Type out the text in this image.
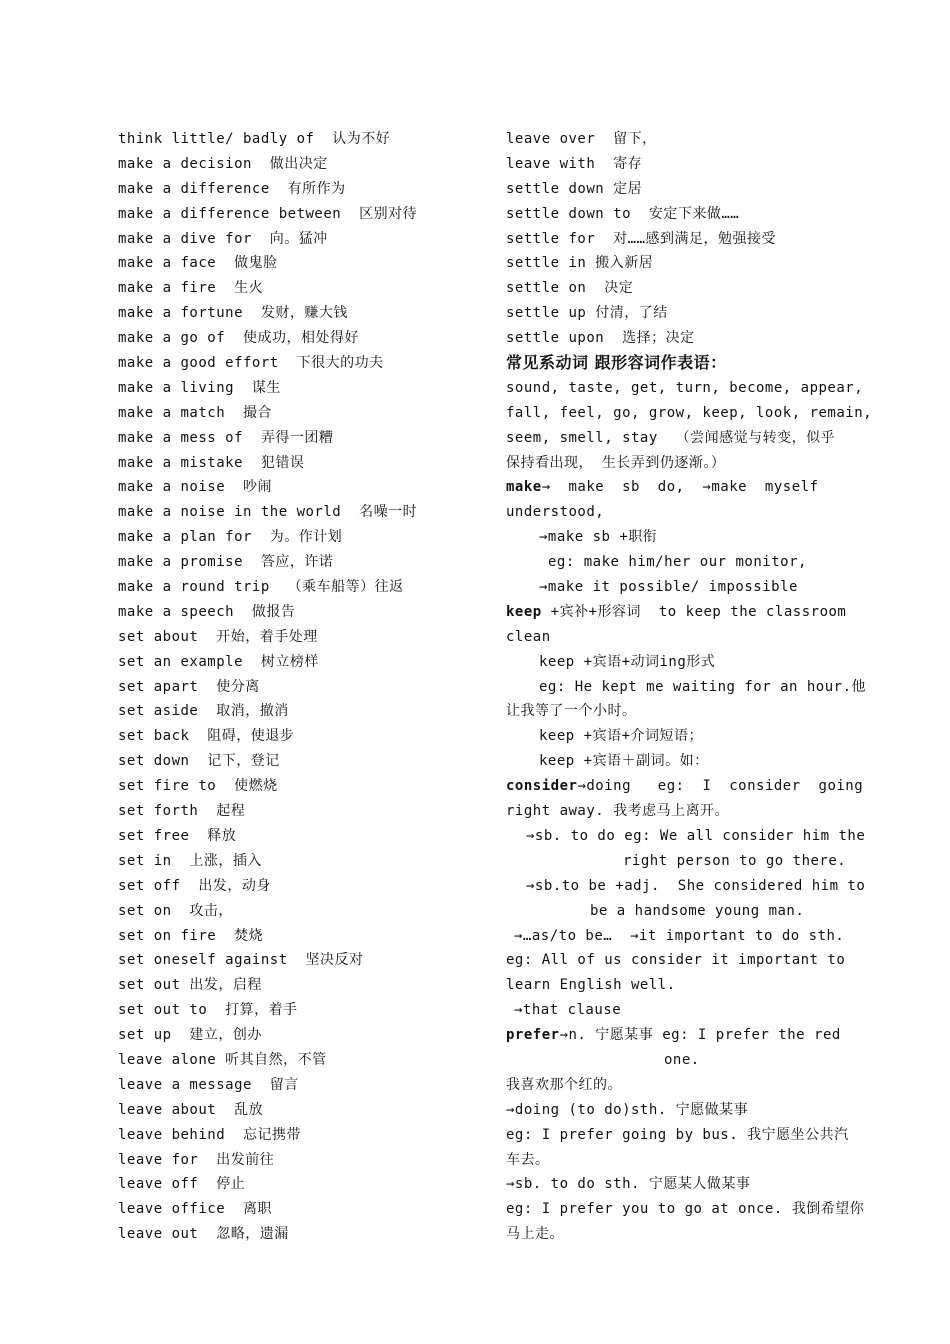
think little/ badly of  认为不好
make a decision  做出决定
make a difference  有所作为
make a difference between  区别对待
make a dive for  向。猛冲
make a face  做鬼脸
make a fire  生火
make a fortune  发财，赚大钱
make a go of  使成功，相处得好
make a good effort  下很大的功夫
make a living  谋生
make a match  撮合
make a mess of  弄得一团糟
make a mistake  犯错误
make a noise  吵闹
make a noise in the world  名噪一时
make a plan for  为。作计划
make a promise  答应，许诺
make a round trip  （乘车船等）往返
make a speech  做报告
set about  开始，着手处理
set an example  树立榜样
set apart  使分离
set aside  取消，撤消
set back  阻碍，使退步
set down  记下，登记
set fire to  使燃烧
set forth  起程
set free  释放
set in  上涨，插入
set off  出发，动身
set on  攻击，
set on fire  焚烧
set oneself against  坚决反对
set out 出发，启程
set out to  打算，着手
set up  建立，创办
leave alone 听其自然，不管
leave a message  留言
leave about  乱放
leave behind  忘记携带
leave for  出发前往
leave off  停止
leave office  离职
leave out  忽略，遗漏
leave over  留下，
leave with  寄存
settle down 定居
settle down to  安定下来做……
settle for  对……感到满足，勉强接受
settle in 搬入新居
settle on  决定
settle up 付清，了结
settle upon  选择；决定
常见系动词 跟形容词作表语：
sound, taste, get, turn, become, appear,
fall, feel, go, grow, keep, look, remain,
seem, smell, stay  （尝闻感觉与转变，似乎
保持看出现， 生长弄到仍逐渐。）
make→  make  sb  do,  →make  myself
understood,
→make sb +职衔
eg: make him/her our monitor,
→make it possible/ impossible
keep +宾补+形容词  to keep the classroom
clean
keep +宾语+动词ing形式
eg: He kept me waiting for an hour.他
让我等了一个小时。
keep +宾语+介词短语；
keep +宾语＋副词。如：
consider→doing   eg:  I  consider  going
right away. 我考虑马上离开。
→sb. to do eg: We all consider him the
right person to go there.
→sb.to be +adj.  She considered him to
be a handsome young man.
→…as/to be…  →it important to do sth.
eg: All of us consider it important to
learn English well.
→that clause
prefer→n. 宁愿某事 eg: I prefer the red
one.
我喜欢那个红的。
→doing (to do)sth. 宁愿做某事
eg: I prefer going by bus. 我宁愿坐公共汽
车去。
→sb. to do sth. 宁愿某人做某事
eg: I prefer you to go at once. 我倒希望你
马上走。
